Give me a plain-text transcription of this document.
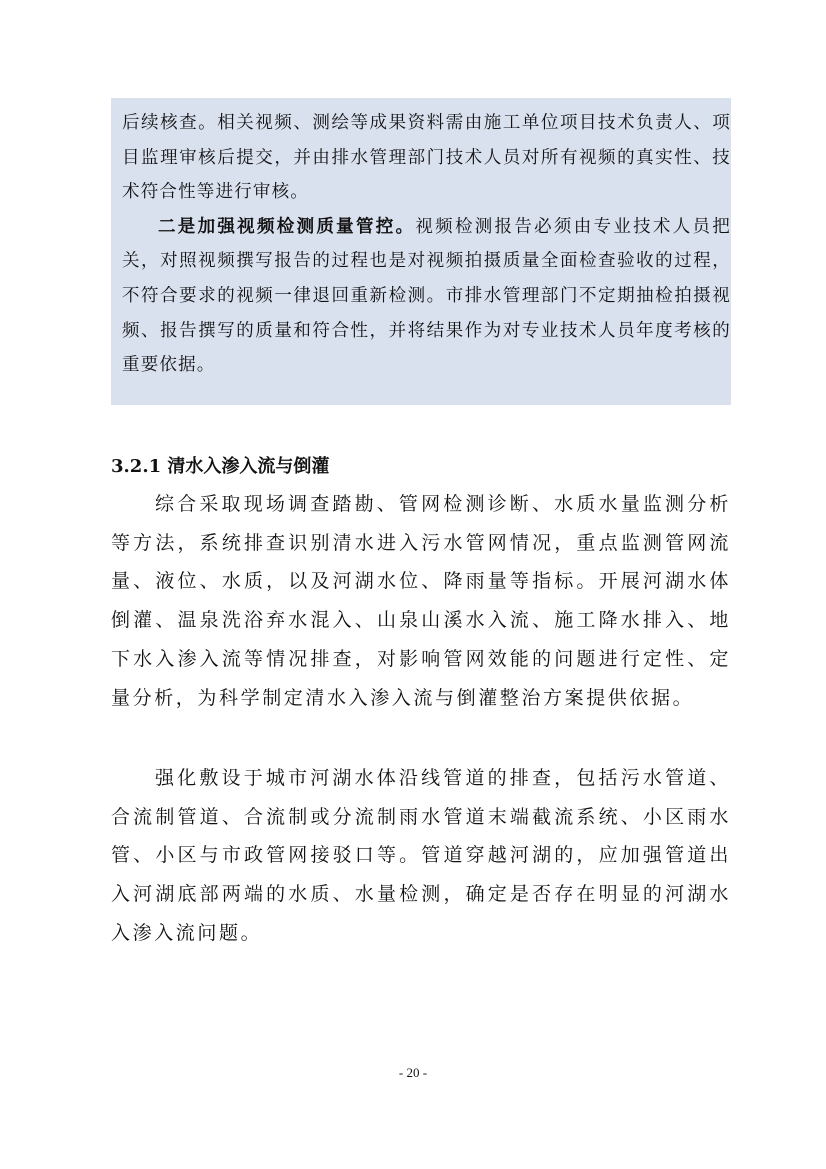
后续核查。相关视频、测绘等成果资料需由施工单位项目技术负责人、项目监理审核后提交，并由排水管理部门技术人员对所有视频的真实性、技术符合性等进行审核。

二是加强视频检测质量管控。视频检测报告必须由专业技术人员把关，对照视频撰写报告的过程也是对视频拍摄质量全面检查验收的过程，不符合要求的视频一律退回重新检测。市排水管理部门不定期抽检拍摄视频、报告撰写的质量和符合性，并将结果作为对专业技术人员年度考核的重要依据。

3.2.1 清水入渗入流与倒灌

综合采取现场调查踏勘、管网检测诊断、水质水量监测分析等方法，系统排查识别清水进入污水管网情况，重点监测管网流量、液位、水质，以及河湖水位、降雨量等指标。开展河湖水体倒灌、温泉洗浴弃水混入、山泉山溪水入流、施工降水排入、地下水入渗入流等情况排查，对影响管网效能的问题进行定性、定量分析，为科学制定清水入渗入流与倒灌整治方案提供依据。

强化敷设于城市河湖水体沿线管道的排查，包括污水管道、合流制管道、合流制或分流制雨水管道末端截流系统、小区雨水管、小区与市政管网接驳口等。管道穿越河湖的，应加强管道出入河湖底部两端的水质、水量检测，确定是否存在明显的河湖水入渗入流问题。

- 20 -
